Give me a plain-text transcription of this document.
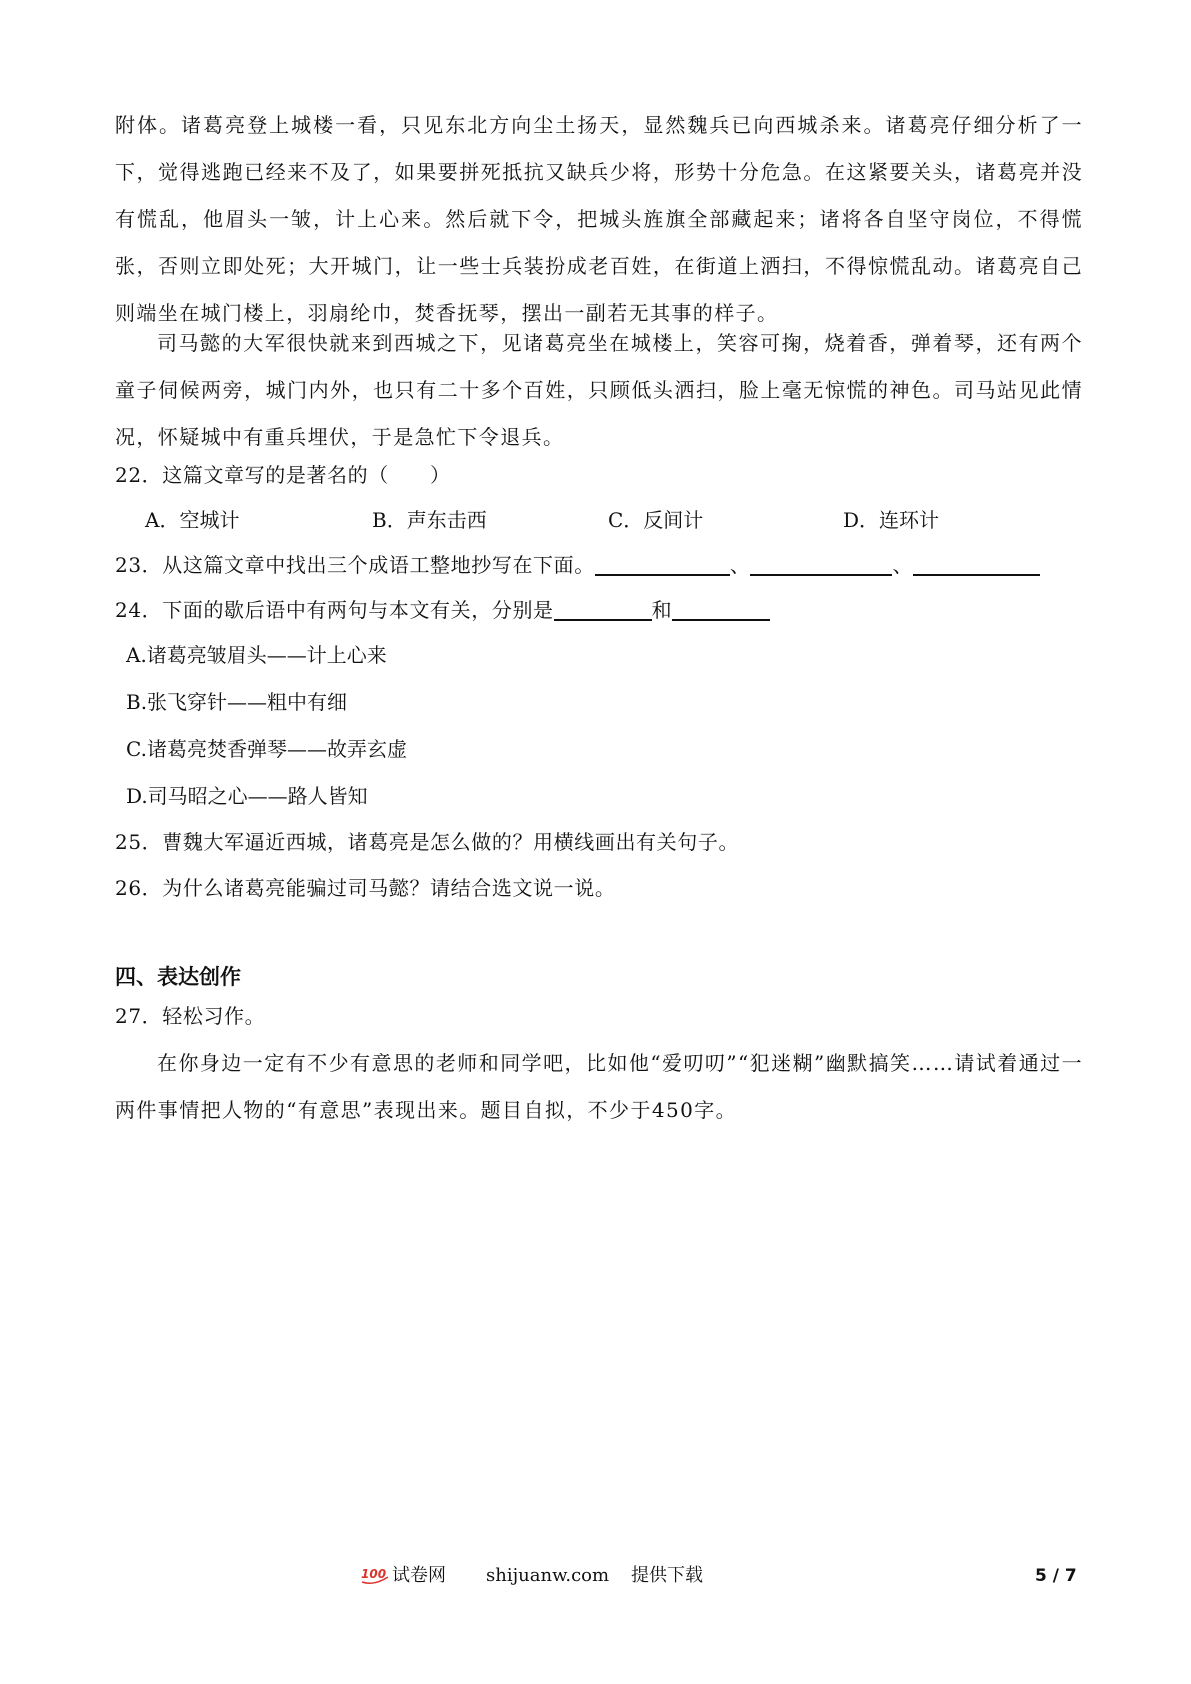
附体。诸葛亮登上城楼一看，只见东北方向尘土扬天，显然魏兵已向西城杀来。诸葛亮仔细分析了一下，觉得逃跑已经来不及了，如果要拼死抵抗又缺兵少将，形势十分危急。在这紧要关头，诸葛亮并没有慌乱，他眉头一皱，计上心来。然后就下令，把城头旌旗全部藏起来；诸将各自坚守岗位，不得慌张，否则立即处死；大开城门，让一些士兵装扮成老百姓，在街道上洒扫，不得惊慌乱动。诸葛亮自己则端坐在城门楼上，羽扇纶巾，焚香抚琴，摆出一副若无其事的样子。

司马懿的大军很快就来到西城之下，见诸葛亮坐在城楼上，笑容可掬，烧着香，弹着琴，还有两个童子伺候两旁，城门内外，也只有二十多个百姓，只顾低头洒扫，脸上毫无惊慌的神色。司马站见此情况，怀疑城中有重兵埋伏，于是急忙下令退兵。

22．这篇文章写的是著名的（　　）
A．空城计	B．声东击西	C．反间计	D．连环计
23．从这篇文章中找出三个成语工整地抄写在下面。	、	、
24．下面的歇后语中有两句与本文有关，分别是	和
A.诸葛亮皱眉头——计上心来
B.张飞穿针——粗中有细
C.诸葛亮焚香弹琴——故弄玄虚
D.司马昭之心——路人皆知
25．曹魏大军逼近西城，诸葛亮是怎么做的？用横线画出有关句子。
26．为什么诸葛亮能骗过司马懿？请结合选文说一说。
四、表达创作
27．轻松习作。

在你身边一定有不少有意思的老师和同学吧，比如他“爱叨叨”“犯迷糊”幽默搞笑……请试着通过一两件事情把人物的“有意思”表现出来。题目自拟，不少于450字。

100 试卷网 shijuanw.com 提供下载	5 / 7
